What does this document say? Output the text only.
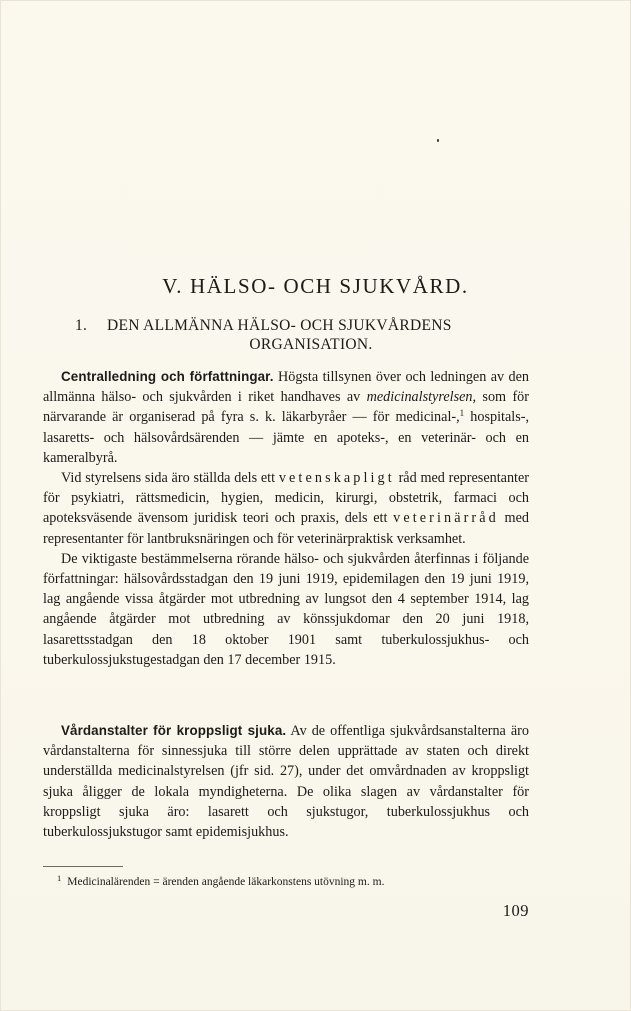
V. HÄLSO- OCH SJUKVÅRD.
1. DEN ALLMÄNNA HÄLSO- OCH SJUKVÅRDENS
ORGANISATION.

Centralledning och författningar. Högsta tillsynen över och ledningen av den allmänna hälso- och sjukvården i riket handhaves av medicinalstyrelsen, som för närvarande är organiserad på fyra s. k. läkarbyråer — för medicinal-,$^1$ hospitals-, lasaretts- och hälsovårdsärenden — jämte en apoteks-, en veterinär- och en kameralbyrå.

Vid styrelsens sida äro ställda dels ett vetenskapligt råd med representanter för psykiatri, rättsmedicin, hygien, medicin, kirurgi, obstetrik, farmaci och apoteksväsende ävensom juridisk teori och praxis, dels ett veterinärråd med representanter för lantbruksnäringen och för veterinärpraktisk verksamhet.

De viktigaste bestämmelserna rörande hälso- och sjukvården återfinnas i följande författningar: hälsovårdsstadgan den 19 juni 1919, epidemilagen den 19 juni 1919, lag angående vissa åtgärder mot utbredning av lungsot den 4 september 1914, lag angående åtgärder mot utbredning av könssjukdomar den 20 juni 1918, lasarettsstadgan den 18 oktober 1901 samt tuberkulossjukhus- och tuberkulossjukstugestadgan den 17 december 1915.

Vårdanstalter för kroppsligt sjuka. Av de offentliga sjukvårdsanstalterna äro vårdanstalterna för sinnessjuka till större delen upprättade av staten och direkt underställda medicinalstyrelsen (jfr sid. 27), under det omvårdnaden av kroppsligt sjuka åligger de lokala myndigheterna. De olika slagen av vårdanstalter för kroppsligt sjuka äro: lasarett och sjukstugor, tuberkulossjukhus och tuberkulossjukstugor samt epidemisjukhus.

$^1$ Medicinalärenden = ärenden angående läkarkonstens utövning m. m.
109
